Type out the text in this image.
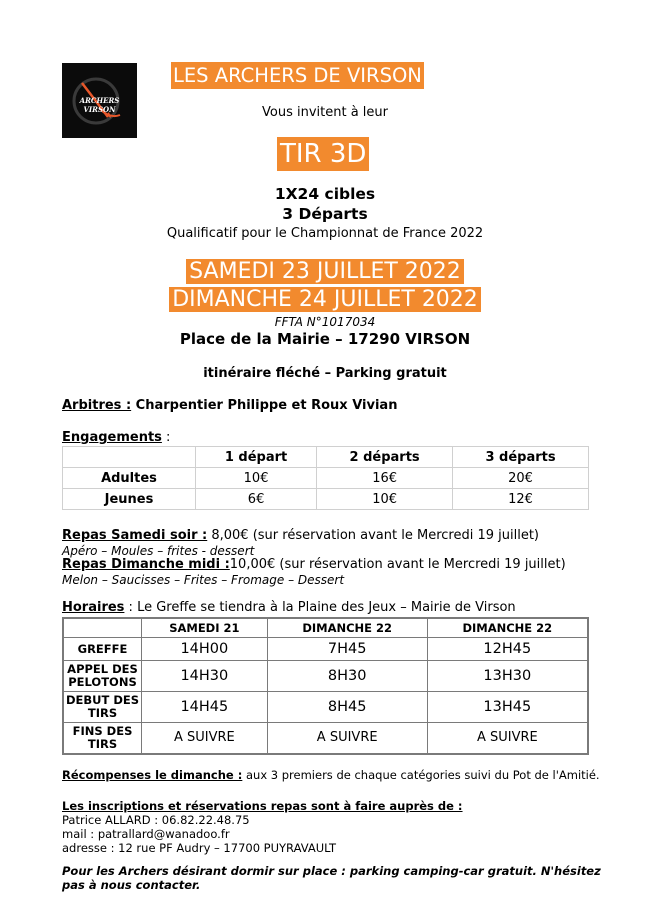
ARCHERS VIRSON
LES ARCHERS DE VIRSON
Vous invitent à leur
TIR 3D
1X24 cibles
3 Départs
Qualificatif pour le Championnat de France 2022
SAMEDI 23 JUILLET 2022
DIMANCHE 24 JUILLET 2022
FFTA N°1017034
Place de la Mairie – 17290 VIRSON
itinéraire fléché – Parking gratuit
Arbitres : Charpentier Philippe et Roux Vivian
Engagements :
	1 départ	2 départs	3 départs
Adultes	10€	16€	20€
Jeunes	6€	10€	12€
Repas Samedi soir : 8,00€ (sur réservation avant le Mercredi 19 juillet)
Apéro – Moules – frites - dessert
Repas Dimanche midi :10,00€ (sur réservation avant le Mercredi 19 juillet)
Melon – Saucisses – Frites – Fromage – Dessert
Horaires : Le Greffe se tiendra à la Plaine des Jeux – Mairie de Virson
	SAMEDI 21	DIMANCHE 22	DIMANCHE 22
GREFFE	14H00	7H45	12H45

APPEL DES
PELOTONS	14H30	8H30	13H30

DEBUT DES
TIRS	14H45	8H45	13H45

FINS DES
TIRS	A SUIVRE	A SUIVRE	A SUIVRE
Récompenses le dimanche : aux 3 premiers de chaque catégories suivi du Pot de l'Amitié.
Les inscriptions et réservations repas sont à faire auprès de :
Patrice ALLARD : 06.82.22.48.75
mail : patrallard@wanadoo.fr
adresse : 12 rue PF Audry – 17700 PUYRAVAULT
Pour les Archers désirant dormir sur place : parking camping-car gratuit. N'hésitez
pas à nous contacter.
